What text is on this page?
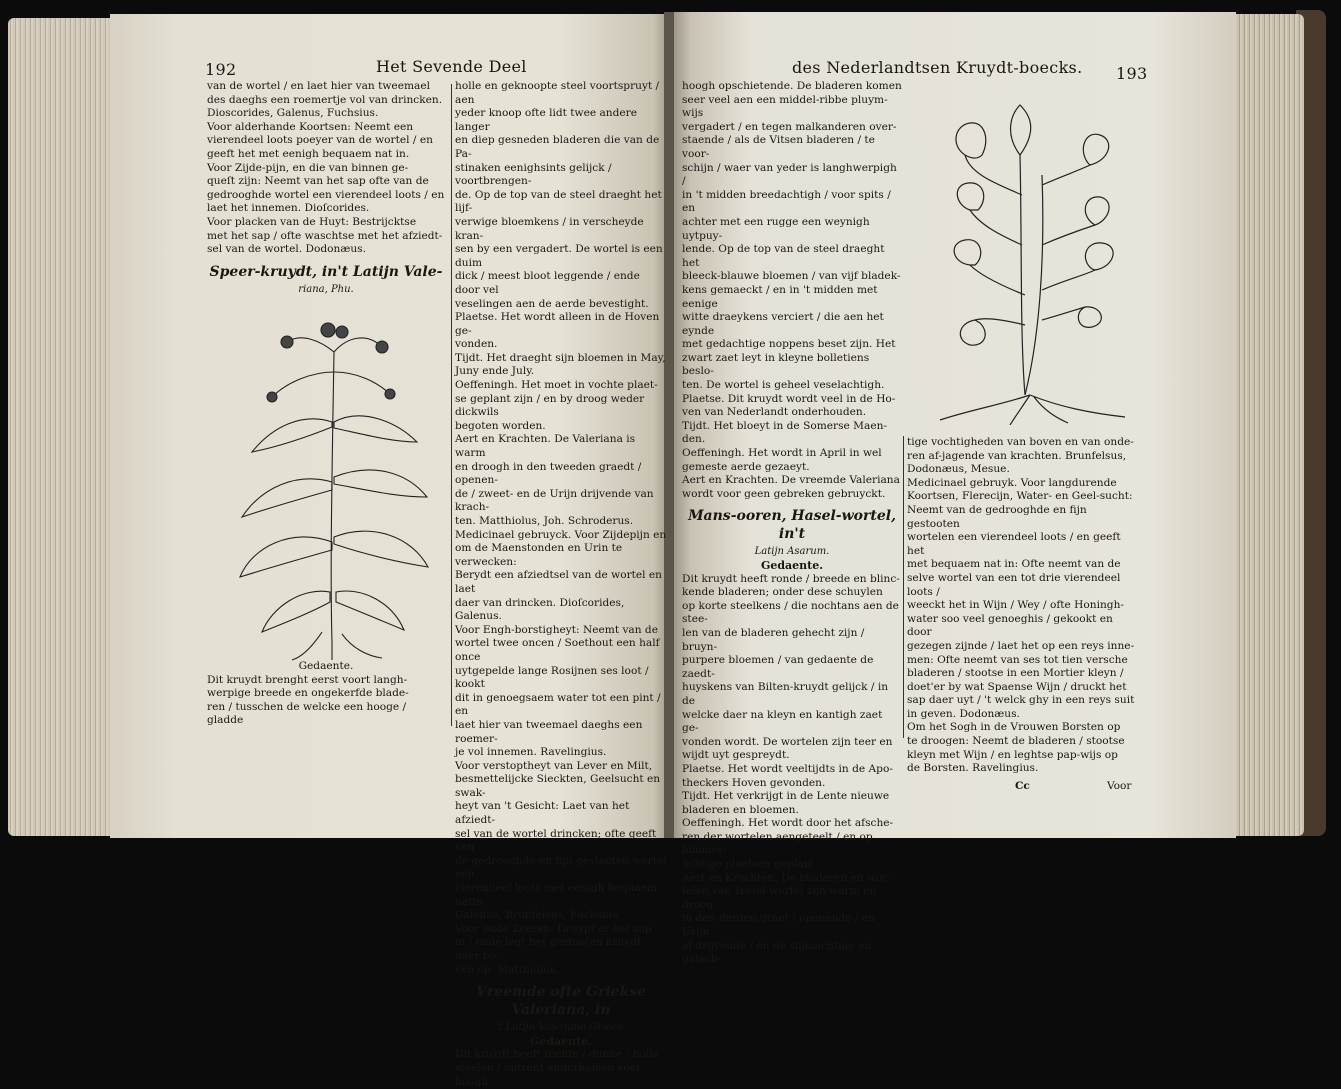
192	Het Sevende Deel

van de wortel / en laet hier van tweemael

des daeghs een roemertje vol van drincken.

Dioscorides, Galenus, Fuchsius.

Voor alderhande Koortsen: Neemt een

vierendeel loots poeyer van de wortel / en

geeft het met eenigh bequaem nat in.

Voor Zijde-pijn, en die van binnen ge-

queſt zijn: Neemt van het sap ofte van de

gedrooghde wortel een vierendeel loots / en

laet het innemen. Dioſcorides.

Voor placken van de Huyt: Bestrijcktse

met het sap / ofte waschtse met het afziedt-

sel van de wortel. Dodonæus.

Speer-kruydt, in't Latijn Vale-
riana, Phu.
Gedaente.

Dit kruydt brenght eerst voort langh-

werpige breede en ongekerfde blade-

ren / tusschen de welcke een hooge / gladde

holle en geknoopte steel voortspruyt / aen

yeder knoop ofte lidt twee andere langer

en diep gesneden bladeren die van de Pa-

stinaken eenighsints gelijck / voortbrengen-

de. Op de top van de steel draeght het lijf-

verwige bloemkens / in verscheyde kran-

sen by een vergadert. De wortel is een duim

dick / meest bloot leggende / ende door vel

veselingen aen de aerde bevestight.

Plaetse. Het wordt alleen in de Hoven ge-

vonden.

Tijdt. Het draeght sijn bloemen in May,

Juny ende July.

Oeffeningh. Het moet in vochte plaet-

se geplant zijn / en by droog weder dickwils

begoten worden.

Aert en Krachten. De Valeriana is warm

en droogh in den tweeden graedt / openen-

de / zweet- en de Urijn drijvende van krach-

ten. Matthiolus, Joh. Schroderus.

Medicinael gebruyck. Voor Zijdepijn en

om de Maenstonden en Urin te verwecken:

Berydt een afziedtsel van de wortel en laet

daer van drincken. Dioſcorides, Galenus.

Voor Engh-borstigheyt: Neemt van de

wortel twee oncen / Soethout een half once

uytgepelde lange Rosijnen ses loot / kookt

dit in genoegsaem water tot een pint / en

laet hier van tweemael daeghs een roemer-

je vol innemen. Ravelingius.

Voor verstoptheyt van Lever en Milt,

besmettelijcke Sieckten, Geelsucht en swak-

heyt van 't Gesicht: Laet van het afziedt-

sel van de wortel drincken; ofte geeft van

de gedrooghde en fijn gestooten wortel een

vierendeel loots met eenigh bequaem natte.

Galenus, Brunfelsus, Fuchsius.

Voor oude Zeeren: Druypt'er het sap

in / ende legt het gestooten kruydt daer bo-

ven op. Matthiolus.

Vreemde ofte Griekse Valeriana, in
't Latijn Valeriana Græca.
Gedaente.

Dit kruydt heeft rechte / dunne / holle

steelen / ontrent anderhalven voet

hoogh

des Nederlandtsen Kruydt-boecks. 193

hoogh opschietende. De bladeren komen

seer veel aen een middel-ribbe pluym-wijs

vergadert / en tegen malkanderen over-

staende / als de Vitsen bladeren / te voor-

schijn / waer van yeder is langhwerpigh /

in 't midden breedachtigh / voor spits / en

achter met een rugge een weynigh uytpuy-

lende. Op de top van de steel draeght het

bleeck-blauwe bloemen / van vijf bladek-

kens gemaeckt / en in 't midden met eenige

witte draeykens verciert / die aen het eynde

met gedachtige noppens beset zijn. Het

zwart zaet leyt in kleyne bolletiens beslo-

ten. De wortel is geheel veselachtigh.

Plaetse. Dit kruydt wordt veel in de Ho-

ven van Nederlandt onderhouden.

Tijdt. Het bloeyt in de Somerse Maen-

den.

Oeffeningh. Het wordt in April in wel

gemeste aerde gezaeyt.

Aert en Krachten. De vreemde Valeriana

wordt voor geen gebreken gebruyckt.

Mans-ooren, Hasel-wortel, in't
Latijn Asarum.
Gedaente.

Dit kruydt heeft ronde / breede en blinc-

kende bladeren; onder dese schuylen

op korte steelkens / die nochtans aen de stee-

len van de bladeren gehecht zijn / bruyn-

purpere bloemen / van gedaente de zaedt-

huyskens van Bilten-kruydt gelijck / in de

welcke daer na kleyn en kantigh zaet ge-

vonden wordt. De wortelen zijn teer en

wijdt uyt gespreydt.

Plaetse. Het wordt veeltijdts in de Apo-

theckers Hoven gevonden.

Tijdt. Het verkrijgt in de Lente nieuwe

bladeren en bloemen.

Oeffeningh. Het wordt door het afsche-

ren der wortelen aengeteelt / en op lommer-

achtige plaetsen geplant.

Aert en Krachten. De bladeren en wor-

telen van Hasel-wortel zijn warm en droog

in den derden graet / openende / en Urijn

af-drijvende / en de slijmachtige en galach-

tige vochtigheden van boven en van onde-

ren af-jagende van krachten. Brunfelsus,

Dodonæus, Mesue.

Medicinael gebruyk. Voor langdurende

Koortsen, Flerecijn, Water- en Geel-sucht:

Neemt van de gedrooghde en fijn gestooten

wortelen een vierendeel loots / en geeft het

met bequaem nat in: Ofte neemt van de

selve wortel van een tot drie vierendeel loots /

weeckt het in Wijn / Wey / ofte Honingh-

water soo veel genoeghis / gekookt en door

gezegen zijnde / laet het op een reys inne-

men: Ofte neemt van ses tot tien versche

bladeren / stootse in een Mortier kleyn /

doet'er by wat Spaense Wijn / druckt het

sap daer uyt / 't welck ghy in een reys suit

in geven. Dodonæus.

Om het Sogh in de Vrouwen Borsten op

te droogen: Neemt de bladeren / stootse

kleyn met Wijn / en leghtse pap-wijs op

de Borsten. Ravelingius.

Cc	Voor
